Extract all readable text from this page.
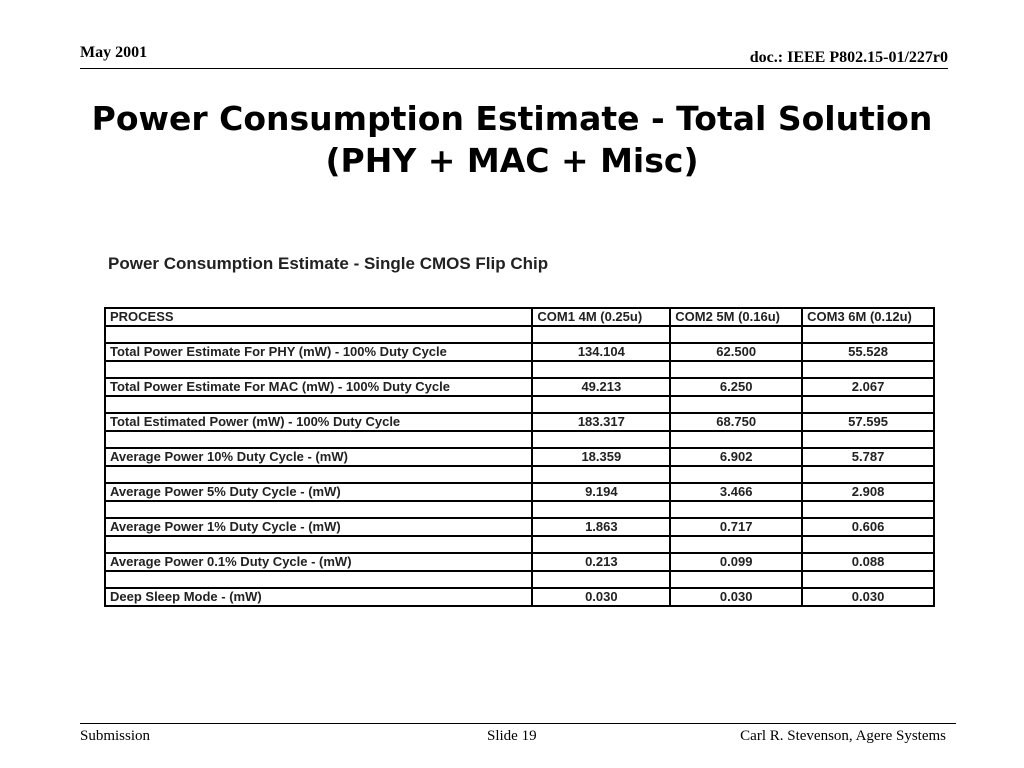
May 2001	doc.: IEEE P802.15-01/227r0
Power Consumption Estimate - Total Solution
(PHY + MAC + Misc)
Power Consumption Estimate - Single CMOS Flip Chip
PROCESS	COM1 4M (0.25u)	COM2 5M (0.16u)	COM3 6M (0.12u)

Total Power Estimate For PHY (mW) - 100% Duty Cycle	134.104	62.500	55.528

Total Power Estimate For MAC (mW) - 100% Duty Cycle	49.213	6.250	2.067

Total Estimated Power (mW) - 100% Duty Cycle	183.317	68.750	57.595

Average Power 10% Duty Cycle - (mW)	18.359	6.902	5.787

Average Power 5% Duty Cycle - (mW)	9.194	3.466	2.908

Average Power 1% Duty Cycle - (mW)	1.863	0.717	0.606

Average Power 0.1% Duty Cycle - (mW)	0.213	0.099	0.088

Deep Sleep Mode - (mW)	0.030	0.030	0.030
Submission	Slide 19	Carl R. Stevenson, Agere Systems
